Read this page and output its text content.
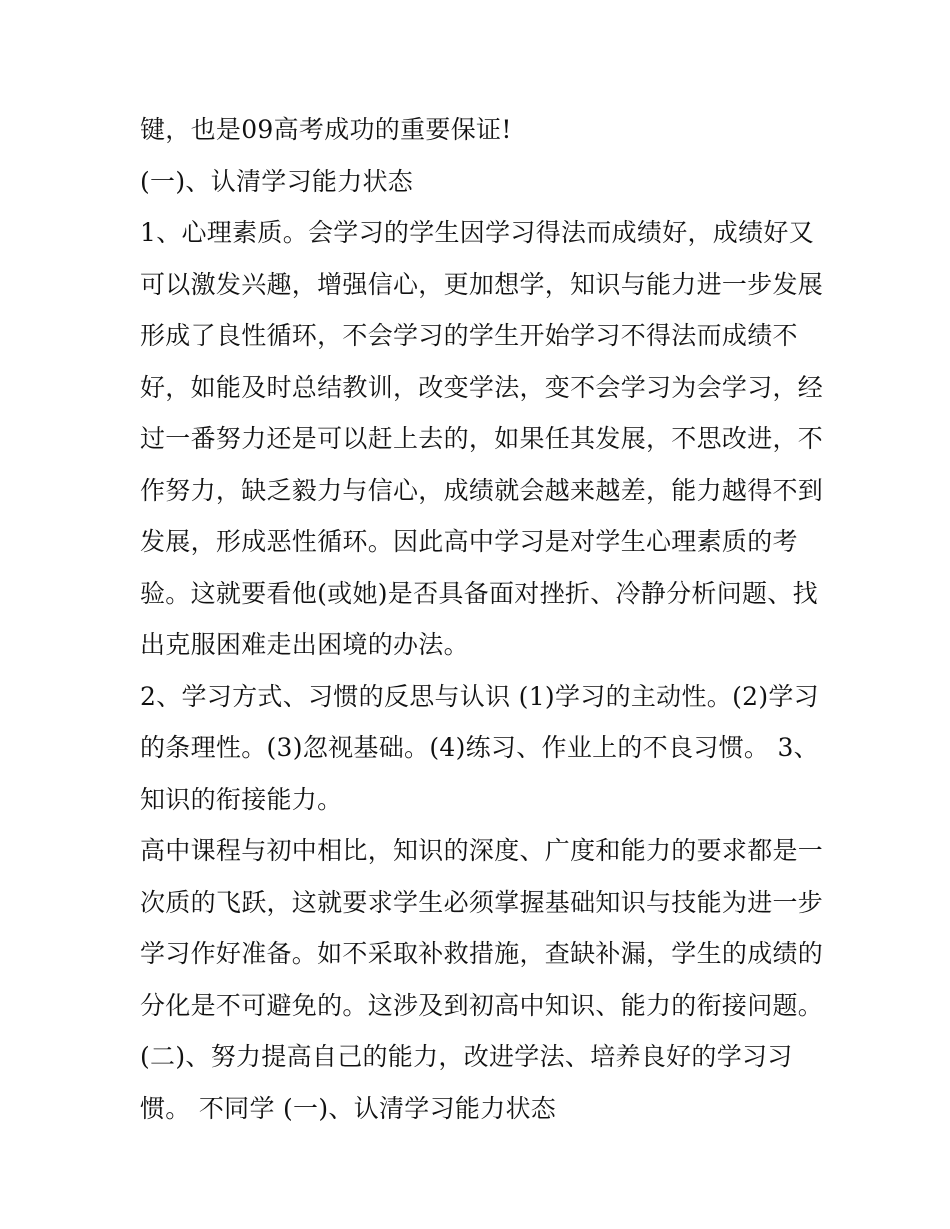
键，也是09高考成功的重要保证!
(一)、认清学习能力状态
1、心理素质。会学习的学生因学习得法而成绩好，成绩好又
可以激发兴趣，增强信心，更加想学，知识与能力进一步发展
形成了良性循环，不会学习的学生开始学习不得法而成绩不
好，如能及时总结教训，改变学法，变不会学习为会学习，经
过一番努力还是可以赶上去的，如果任其发展，不思改进，不
作努力，缺乏毅力与信心，成绩就会越来越差，能力越得不到
发展，形成恶性循环。因此高中学习是对学生心理素质的考
验。这就要看他(或她)是否具备面对挫折、冷静分析问题、找
出克服困难走出困境的办法。
2、学习方式、习惯的反思与认识 (1)学习的主动性。(2)学习
的条理性。(3)忽视基础。(4)练习、作业上的不良习惯。 3、
知识的衔接能力。
高中课程与初中相比，知识的深度、广度和能力的要求都是一
次质的飞跃，这就要求学生必须掌握基础知识与技能为进一步
学习作好准备。如不采取补救措施，查缺补漏，学生的成绩的
分化是不可避免的。这涉及到初高中知识、能力的衔接问题。
(二)、努力提高自己的能力，改进学法、培养良好的学习习
惯。 不同学 (一)、认清学习能力状态
